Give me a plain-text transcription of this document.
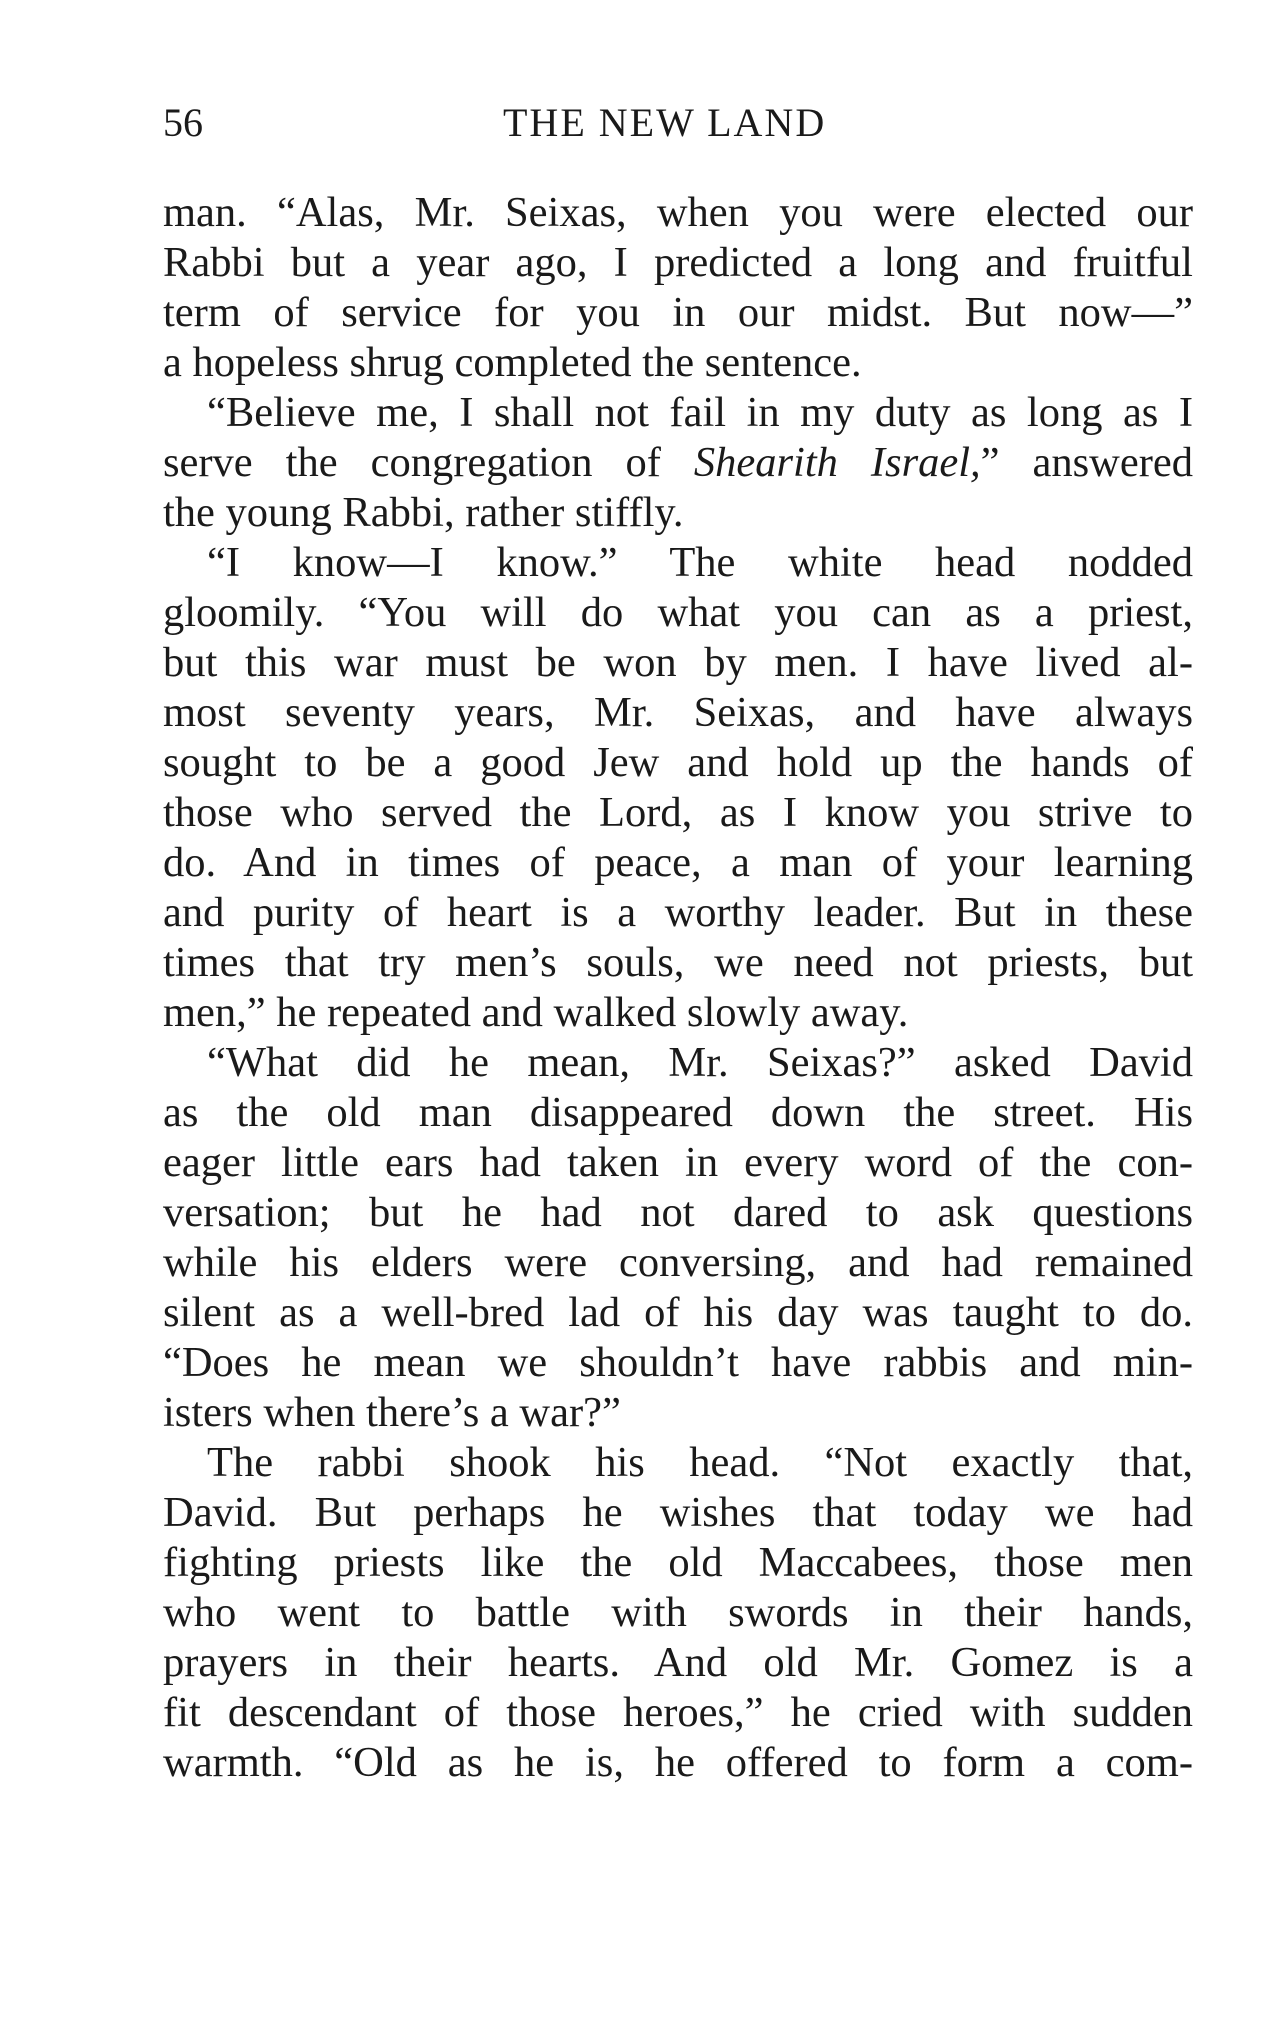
56	THE NEW LAND
man. “Alas, Mr. Seixas, when you were elected our
Rabbi but a year ago, I predicted a long and fruitful
term of service for you in our midst. But now—”
a hopeless shrug completed the sentence.
“Believe me, I shall not fail in my duty as long as I
serve the congregation of Shearith Israel,” answered
the young Rabbi, rather stiffly.
“I know—I know.” The white head nodded
gloomily. “You will do what you can as a priest,
but this war must be won by men. I have lived al-
most seventy years, Mr. Seixas, and have always
sought to be a good Jew and hold up the hands of
those who served the Lord, as I know you strive to
do. And in times of peace, a man of your learning
and purity of heart is a worthy leader. But in these
times that try men’s souls, we need not priests, but
men,” he repeated and walked slowly away.
“What did he mean, Mr. Seixas?” asked David
as the old man disappeared down the street. His
eager little ears had taken in every word of the con-
versation; but he had not dared to ask questions
while his elders were conversing, and had remained
silent as a well-bred lad of his day was taught to do.
“Does he mean we shouldn’t have rabbis and min-
isters when there’s a war?”
The rabbi shook his head. “Not exactly that,
David. But perhaps he wishes that today we had
fighting priests like the old Maccabees, those men
who went to battle with swords in their hands,
prayers in their hearts. And old Mr. Gomez is a
fit descendant of those heroes,” he cried with sudden
warmth. “Old as he is, he offered to form a com-
